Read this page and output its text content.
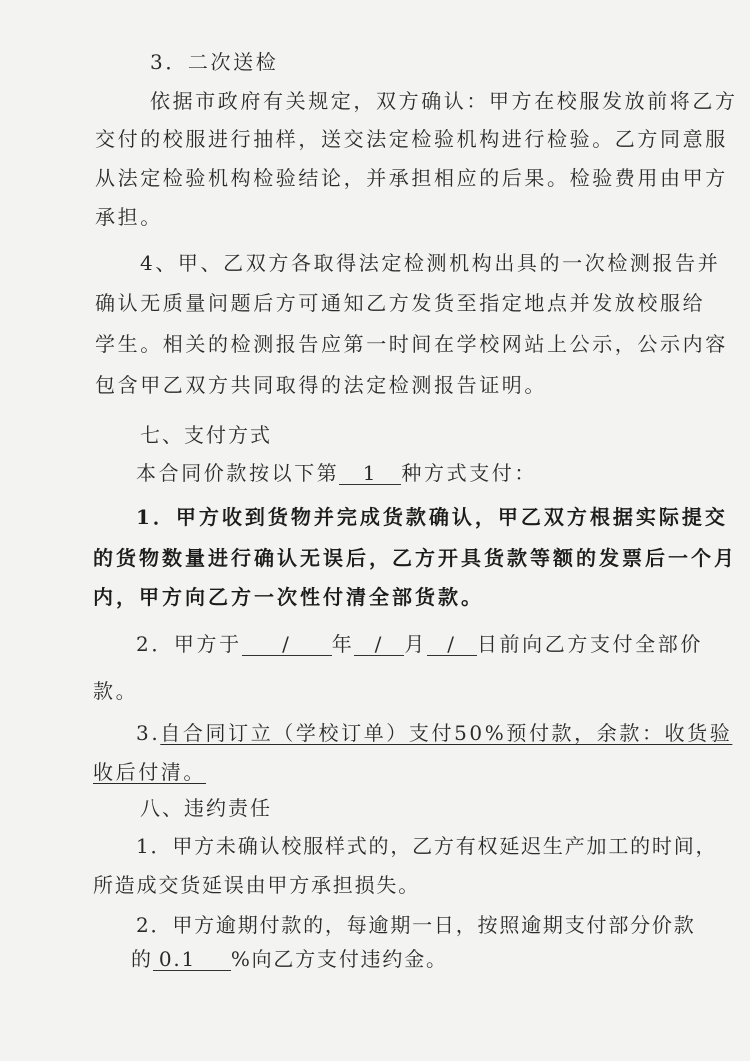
3．二次送检
依据市政府有关规定，双方确认：甲方在校服发放前将乙方
交付的校服进行抽样，送交法定检验机构进行检验。乙方同意服
从法定检验机构检验结论，并承担相应的后果。检验费用由甲方
承担。
4、甲、乙双方各取得法定检测机构出具的一次检测报告并
确认无质量问题后方可通知乙方发货至指定地点并发放校服给
学生。相关的检测报告应第一时间在学校网站上公示，公示内容
包含甲乙双方共同取得的法定检测报告证明。
七、支付方式
本合同价款按以下第 1 种方式支付：
1．甲方收到货物并完成货款确认，甲乙双方根据实际提交
的货物数量进行确认无误后，乙方开具货款等额的发票后一个月
内，甲方向乙方一次性付清全部货款。
2．甲方于 / 年 / 月 / 日前向乙方支付全部价
款。
3.自合同订立（学校订单）支付50%预付款，余款：收货验
收后付清。
八、违约责任
1．甲方未确认校服样式的，乙方有权延迟生产加工的时间，
所造成交货延误由甲方承担损失。
2．甲方逾期付款的，每逾期一日，按照逾期支付部分价款
的 0.1 %向乙方支付违约金。
